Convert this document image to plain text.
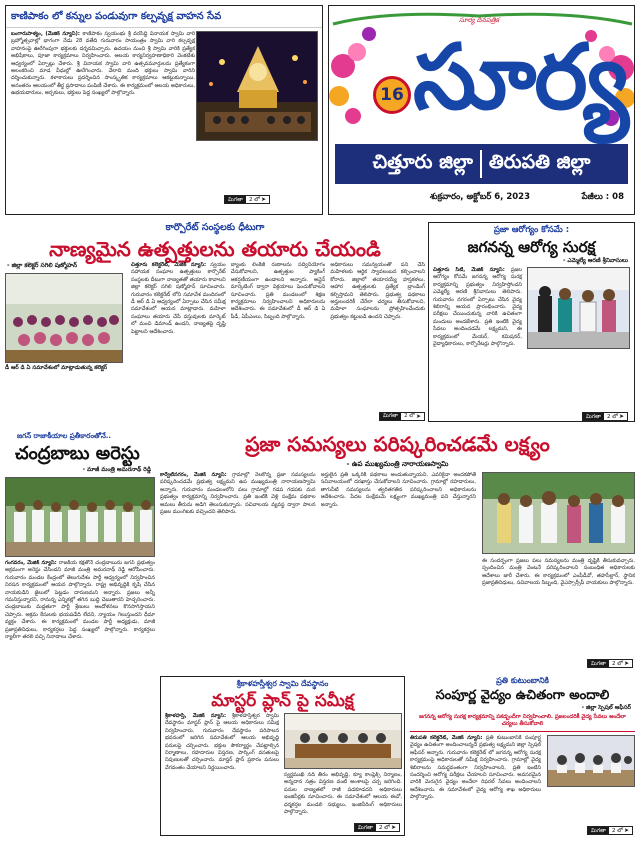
కాణిపాకం లో కన్నుల పండువుగా కల్పవృక్ష వాహన సేవ
బంగారుపాళ్యం, (మేజిక్ న్యూస్): కాణిపాకం స్వయంభు శ్రీ వరసిద్ధి వినాయక స్వామి వారి బ్రహ్మోత్సవాల్లో భాగంగా నేడు 28 వతేది గురువారం సాయంత్రం స్వామి వారి కల్పవృక్ష వాహనంపై ఊరేగింపుగా భక్తులకు దర్శనమిచ్చారు. ఉదయం నుంచి శ్రీ స్వామి వారికి ప్రత్యేక అభిషేకాలు, పూజా కార్యక్రమాలు నిర్వహించారు. ఆలయ కార్యనిర్వహణాధికారి వెంకటేశు ఆధ్వర్యంలో ఏర్పాట్లు చేశారు. శ్రీ వినాయక స్వామి వారి ఉత్సవమూర్తులను ప్రత్యేకంగా అలంకరించి మాడ వీధుల్లో ఊరేగించారు. వేలాది మంది భక్తులు స్వామి వారిని దర్శించుకున్నారు. కళాకారులు ప్రదర్శించిన సాంస్కృతిక కార్యక్రమాలు ఆకట్టుకున్నాయి. అనంతరం ఆలయంలో తీర్థ ప్రసాదాలు పంపిణీ చేశారు. ఈ కార్యక్రమంలో ఆలయ అధికారులు, ఉభయదారులు, అర్చకులు, భక్తులు పెద్ద సంఖ్యలో పాల్గొన్నారు.
మిగతా	2 లో ➤
సూర్య దినపత్రిక
16 సూర్య
చిత్తూరు జిల్లా తిరుపతి జిల్లా
శుక్రవారం, అక్టోబర్ 6, 2023	పేజీలు : 08
కార్పొరేట్ సంస్థలకు ధీటుగా
నాణ్యమైన ఉత్పత్తులను తయారు చేయండి
- జిల్లా కలెక్టర్ సగిలి షణ్మోహన్
డీ ఆర్ డి ఏ సమావేశంలో మాట్లాడుతున్న కలెక్టర్
చిత్తూరు కలెక్టరేట్, మేజిక్ న్యూస్: స్వయం సహాయక సంఘాల ఉత్పత్తులు కార్పొరేట్ సంస్థలకు దీటుగా నాణ్యతతో తయారు కావాలని జిల్లా కలెక్టర్ సగిలి షణ్మోహన్ సూచించారు. గురువారం కలెక్టరేట్ లోని సమావేశ మందిరంలో డీ ఆర్ డి ఏ ఆధ్వర్యంలో ఏర్పాటు చేసిన సమీక్ష సమావేశంలో ఆయన మాట్లాడారు. మహిళా సంఘాలు తయారు చేసే వస్తువులకు మార్కెట్ లో మంచి డిమాండ్ ఉందని, నాణ్యతపై దృష్టి పెట్టాలని ఆదేశించారు.
బ్యాంకు లింకేజీ రుణాలను సద్వినియోగం చేసుకోవాలని, ఉత్పత్తుల ప్యాకింగ్ ఆకర్షణీయంగా ఉండాలని అన్నారు. ఆన్లైన్ మార్కెటింగ్ ద్వారా విక్రయాలు పెంచుకోవాలని సూచించారు. ప్రతి మండలంలో శిక్షణ కార్యక్రమాలు నిర్వహించాలని అధికారులను ఆదేశించారు. ఈ సమావేశంలో డీ ఆర్ డి ఏ పీడీ, ఏపీఎంలు, సిబ్బంది పాల్గొన్నారు.
అధికారులు సమన్వయంతో పని చేసి మహిళలకు ఆర్థిక స్వావలంబన కల్పించాలని కోరారు. జిల్లాలో తయారయ్యే హస్తకళలు, ఆహార ఉత్పత్తులకు ప్రత్యేక బ్రాండింగ్ కల్పిస్తామని తెలిపారు. ప్రభుత్వ పథకాలు అర్హులందరికీ చేరేలా చర్యలు తీసుకోవాలని, మహిళా సంఘాలను ప్రోత్సహించేందుకు ప్రభుత్వం కట్టుబడి ఉందని చెప్పారు.
మిగతా	2 లో ➤
ప్రజా ఆరోగ్యం కోసమే :
జగనన్న ఆరోగ్య సురక్ష
- ఎమ్మెల్యే ఆరణి శ్రీనివాసులు
చిత్తూరు సిటీ, మేజిక్ న్యూస్: ప్రజల ఆరోగ్యం కోసమే జగనన్న ఆరోగ్య సురక్ష కార్యక్రమాన్ని ప్రభుత్వం నిర్వహిస్తోందని ఎమ్మెల్యే ఆరణి శ్రీనివాసులు తెలిపారు. గురువారం నగరంలో ఏర్పాటు చేసిన వైద్య శిబిరాన్ని ఆయన ప్రారంభించారు. వైద్య పరీక్షలు చేయించుకున్న వారికి ఉచితంగా మందులు అందజేశారు. ప్రతి ఇంటికి వైద్య సేవలు అందించడమే లక్ష్యమని, ఈ కార్యక్రమంలో మేయర్, కమిషనర్, వైద్యాధికారులు, కార్పొరేటర్లు పాల్గొన్నారు.
మిగతా	2 లో ➤
జగన్ రాజాకీయాల ప్రతీకారంతోనే..
చంద్రబాబు అరెస్టు
- మాజీ మంత్రి అమరనాథ్ రెడ్డి
గంగవరం, మేజిక్ న్యూస్: రాజకీయ కక్షతోనే చంద్రబాబును జగన్ ప్రభుత్వం అక్రమంగా అరెస్టు చేసిందని మాజీ మంత్రి అమరనాథ్ రెడ్డి ఆరోపించారు. గురువారం మండల కేంద్రంలో తెలుగుదేశం పార్టీ ఆధ్వర్యంలో నిర్వహించిన నిరసన కార్యక్రమంలో ఆయన పాల్గొన్నారు. రాష్ట్ర అభివృద్ధికి కృషి చేసిన నాయకుడిని జైలులో పెట్టడం దారుణమని అన్నారు. ప్రజలు అన్నీ గమనిస్తున్నారని, రానున్న ఎన్నికల్లో తగిన బుద్ధి చెబుతారని హెచ్చరించారు. చంద్రబాబుకు మద్దతుగా పార్టీ శ్రేణులు ఆందోళనలు కొనసాగిస్తాయని చెప్పారు. అక్రమ కేసులకు భయపడేది లేదని, న్యాయం గెలుస్తుందని ధీమా వ్యక్తం చేశారు. ఈ కార్యక్రమంలో మండల పార్టీ అధ్యక్షుడు, మాజీ ప్రజాప్రతినిధులు, కార్యకర్తలు పెద్ద సంఖ్యలో పాల్గొన్నారు. కార్యకర్తలు ర్యాలీగా తరలి వచ్చి నినాదాలు చేశారు.
ప్రజా సమస్యలు పరిష్కరించడమే లక్ష్యం
- ఉప ముఖ్యమంత్రి నారాయణస్వామి
కార్వేటినగరం, మేజిక్ న్యూస్: గ్రామాల్లో నెలకొన్న ప్రజా సమస్యలను పరిష్కరించడమే ప్రభుత్వ లక్ష్యమని ఉప ముఖ్యమంత్రి నారాయణస్వామి అన్నారు. గురువారం మండలంలోని పలు గ్రామాల్లో గడప గడపకు మన ప్రభుత్వం కార్యక్రమాన్ని నిర్వహించారు. ప్రతి ఇంటికి వెళ్లి సంక్షేమ పథకాల అమలు తీరును అడిగి తెలుసుకున్నారు. సచివాలయ వ్యవస్థ ద్వారా పాలన ప్రజల ముంగిటకు వచ్చిందని తెలిపారు.
అర్హులైన ప్రతి ఒక్కరికీ పథకాలు అందుతున్నాయని, ఎవరికైనా అందకపోతే సచివాలయంలో దరఖాస్తు చేసుకోవాలని సూచించారు. గ్రామాల్లో రహదారులు, తాగునీటి సమస్యలను త్వరితగతిన పరిష్కరించాలని అధికారులను ఆదేశించారు. పేదల సంక్షేమమే లక్ష్యంగా ముఖ్యమంత్రి పని చేస్తున్నారని అన్నారు.
ఈ సందర్భంగా ప్రజలు పలు సమస్యలను మంత్రి దృష్టికి తీసుకువచ్చారు. స్పందించిన మంత్రి వెంటనే పరిష్కరించాలని సంబంధిత అధికారులకు ఆదేశాలు జారీ చేశారు. ఈ కార్యక్రమంలో ఎంపీడీవో, తహసీల్దార్, స్థానిక ప్రజాప్రతినిధులు, సచివాలయ సిబ్బంది, వైఎస్సార్సీపీ నాయకులు పాల్గొన్నారు.
మిగతా	2 లో ➤
శ్రీకాళహస్తీశ్వర స్వామి దేవస్థానం
మాస్టర్ ప్లాన్ పై సమీక్ష
శ్రీకాళహస్తి, మేజిక్ న్యూస్: శ్రీకాళహస్తీశ్వర స్వామి దేవస్థానం మాస్టర్ ప్లాన్ పై ఆలయ అధికారులు సమీక్ష నిర్వహించారు. గురువారం దేవస్థానం పరిపాలన భవనంలో జరిగిన సమావేశంలో ఆలయ అభివృద్ధి పనులపై చర్చించారు. భక్తుల సౌకర్యార్థం చేపట్టాల్సిన నిర్మాణాలు, రహదారుల విస్తరణ, పార్కింగ్ వసతులపై నిపుణులతో చర్చించారు. మాస్టర్ ప్లాన్ ప్రకారం పనులు వేగవంతం చేయాలని నిర్ణయించారు.
స్వర్ణముఖి నది తీరం అభివృద్ధి, క్యూ కాంప్లెక్స్ నిర్మాణం, అన్నదాన సత్రం విస్తరణ వంటి అంశాలపై చర్చ జరిగింది. పనుల నాణ్యతలో రాజీ పడకూడదని అధికారులు ఇంజినీర్లకు సూచించారు. ఈ సమావేశంలో ఆలయ ఈవో, ధర్మకర్తల మండలి సభ్యులు, ఇంజినీరింగ్ అధికారులు పాల్గొన్నారు.
మిగతా	2 లో ➤
ప్రతి కుటుంబానికి
సంపూర్ణ వైద్యం ఉచితంగా అందాలి
- జిల్లా స్పెషల్ ఆఫీసర్
జగనన్న ఆరోగ్య సురక్ష కార్యక్రమాన్ని పకడ్బందీగా నిర్వహించాలి. ప్రజలందరికీ వైద్య సేవలు అందేలా చర్యలు తీసుకోవాలి
తిరుపతి కలెక్టరేట్, మేజిక్ న్యూస్: ప్రతి కుటుంబానికి సంపూర్ణ వైద్యం ఉచితంగా అందించాలన్నదే ప్రభుత్వ లక్ష్యమని జిల్లా స్పెషల్ ఆఫీసర్ అన్నారు. గురువారం కలెక్టరేట్ లో జగనన్న ఆరోగ్య సురక్ష కార్యక్రమంపై అధికారులతో సమీక్ష నిర్వహించారు. గ్రామాల్లో వైద్య శిబిరాలను సమర్థవంతంగా నిర్వహించాలని, ప్రతి ఇంటిని సందర్శించి ఆరోగ్య పరీక్షలు చేయాలని సూచించారు. అవసరమైన వారికి మెరుగైన వైద్యం అందేలా రిఫరల్ సేవలు అందించాలని ఆదేశించారు. ఈ సమావేశంలో వైద్య ఆరోగ్య శాఖ అధికారులు పాల్గొన్నారు.
మిగతా	2 లో ➤
